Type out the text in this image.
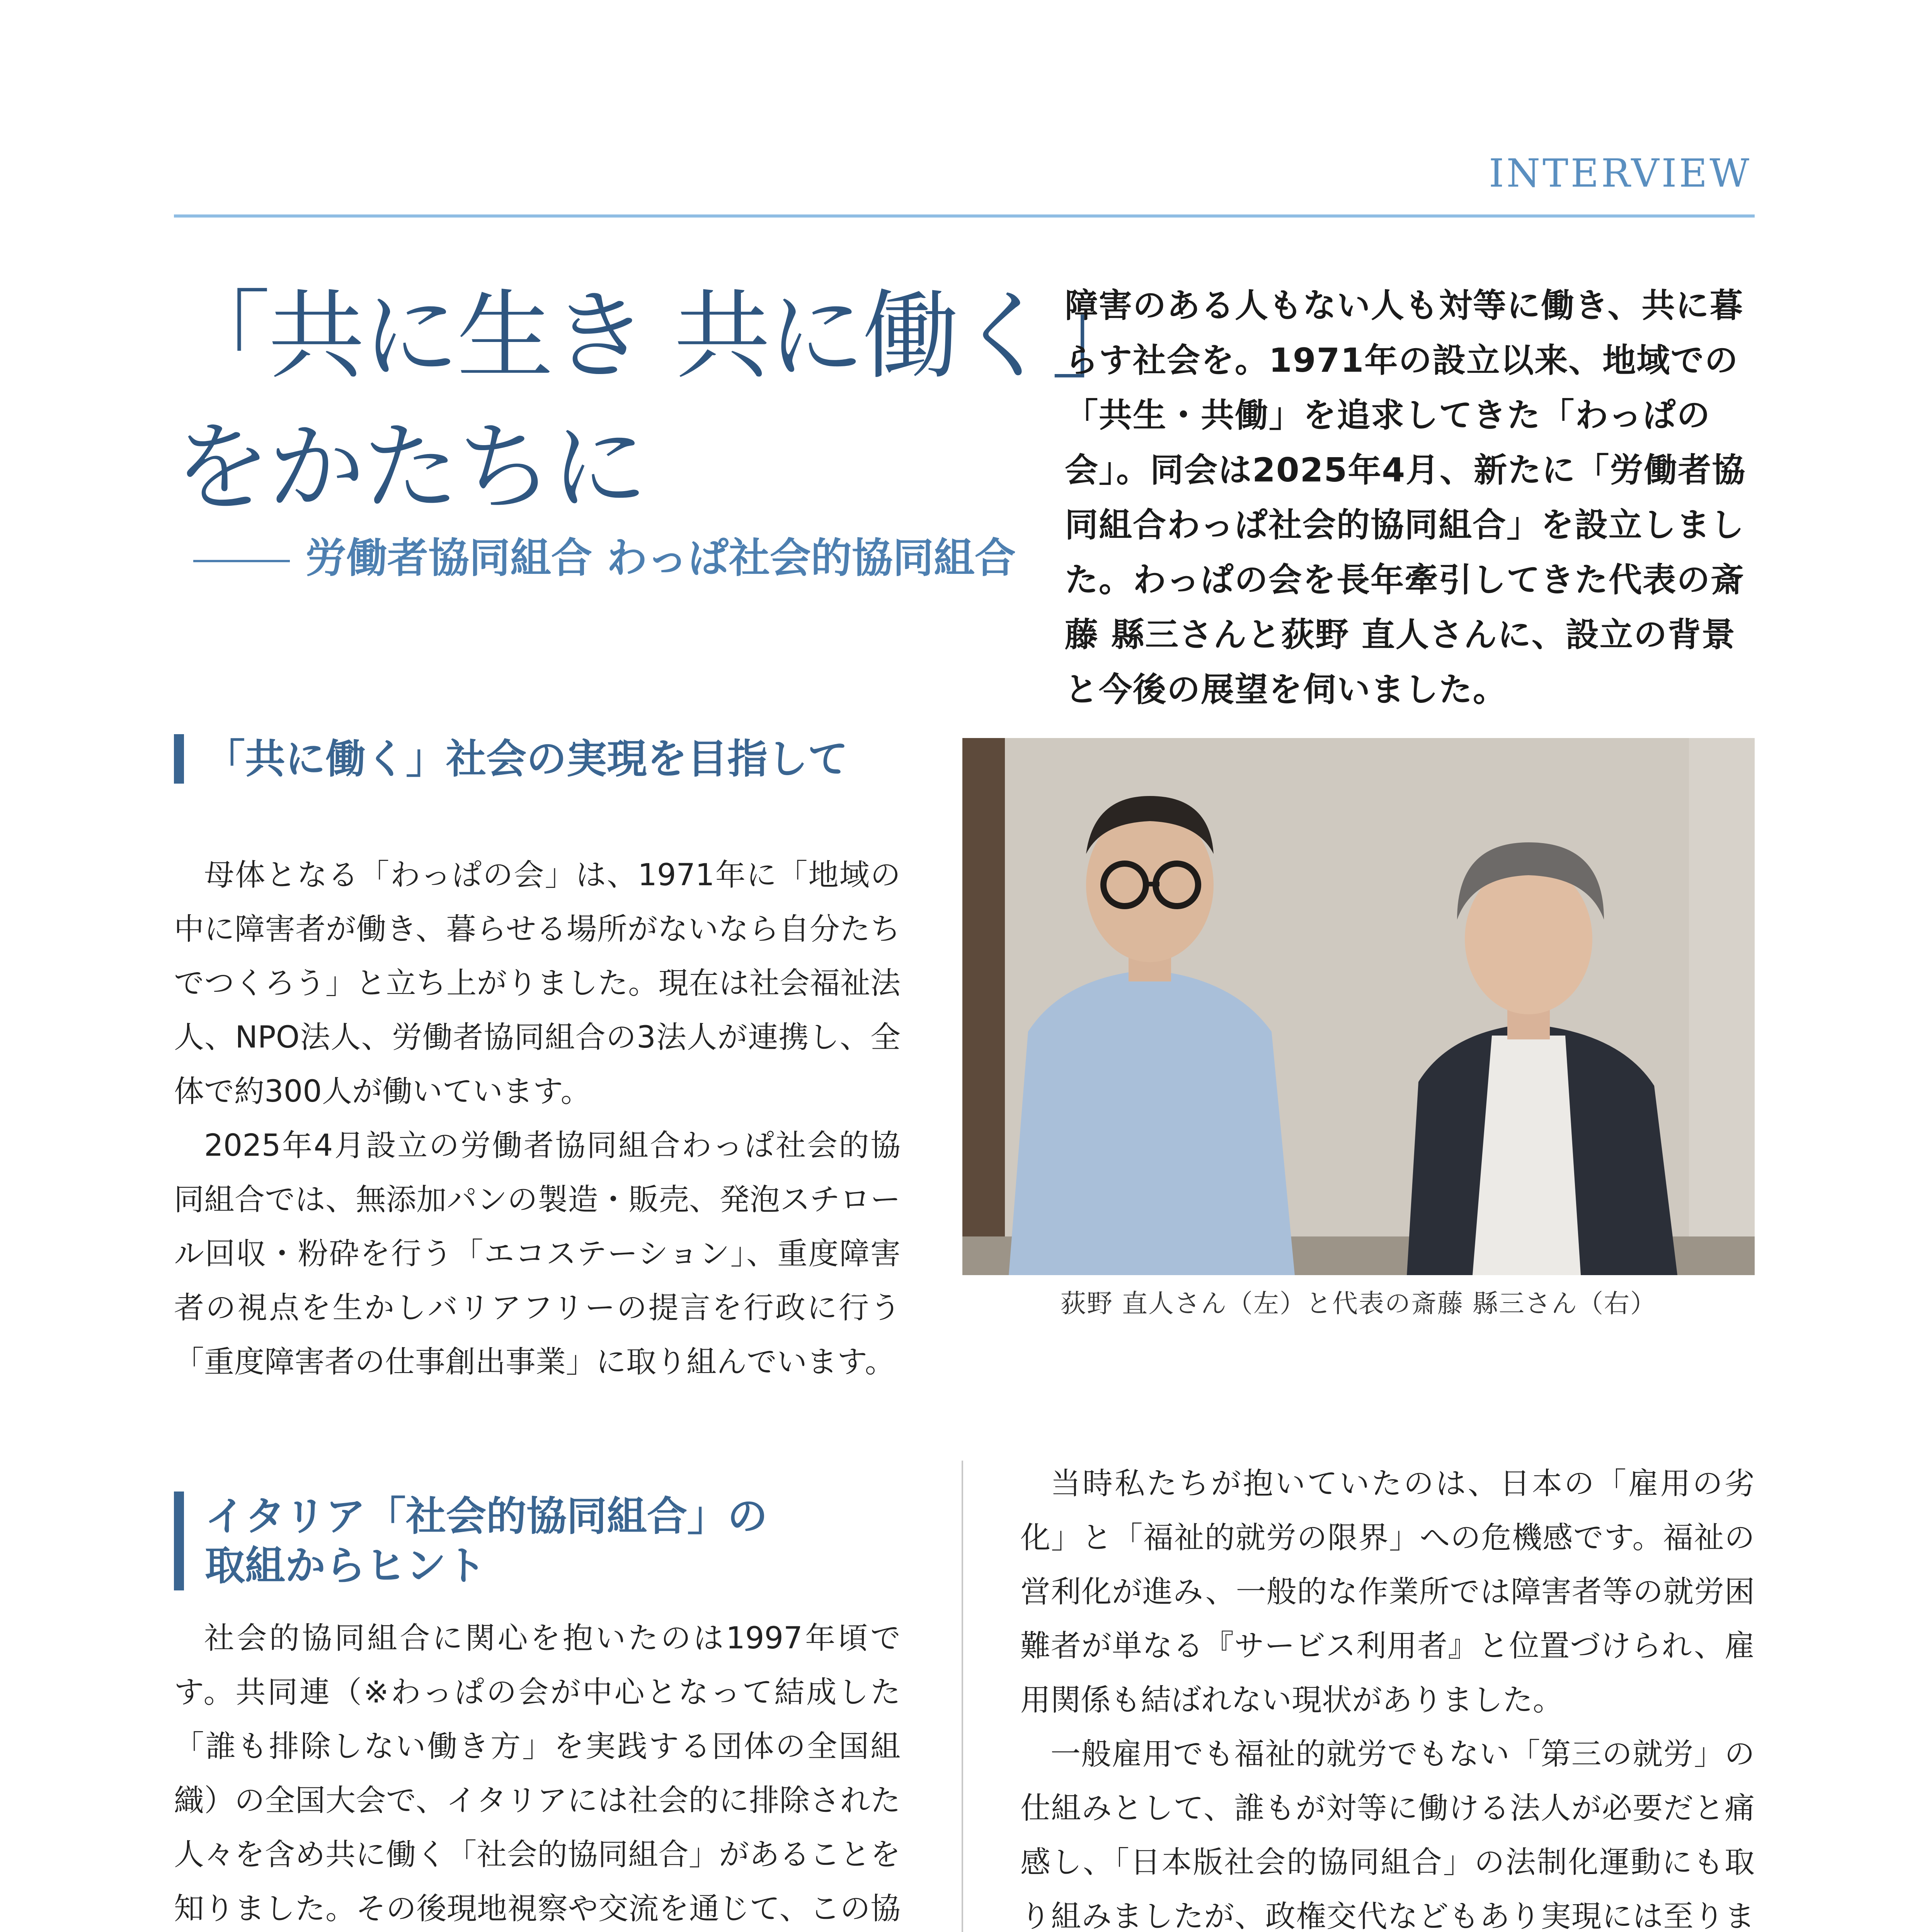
INTERVIEW
「共に生き 共に働く」
をかたちに
労働者協同組合 わっぱ社会的協同組合
障害のある人もない人も対等に働き、共に暮らす社会を。1971年の設立以来、地域での「共生・共働」を追求してきた「わっぱの会」。同会は2025年4月、新たに「労働者協同組合わっぱ社会的協同組合」を設立しました。わっぱの会を長年牽引してきた代表の斎藤 縣三さんと荻野 直人さんに、設立の背景と今後の展望を伺いました。
「共に働く」社会の実現を目指して

母体となる「わっぱの会」は、1971年に「地域の中に障害者が働き、暮らせる場所がないなら自分たちでつくろう」と立ち上がりました。現在は社会福祉法人、NPO法人、労働者協同組合の3法人が連携し、全体で約300人が働いています。

2025年4月設立の労働者協同組合わっぱ社会的協同組合では、無添加パンの製造・販売、発泡スチロール回収・粉砕を行う「エコステーション」、重度障害者の視点を生かしバリアフリーの提言を行政に行う「重度障害者の仕事創出事業」に取り組んでいます。

イタリア「社会的協同組合」の
取組からヒント

社会的協同組合に関心を抱いたのは1997年頃です。共同連（※わっぱの会が中心となって結成した「誰も排除しない働き方」を実践する団体の全国組織）の全国大会で、イタリアには社会的に排除された人々を含め共に働く「社会的協同組合」があることを知りました。その後現地視察や交流を通じて、この協

荻野 直人さん（左）と代表の斎藤 縣三さん（右）

当時私たちが抱いていたのは、日本の「雇用の劣化」と「福祉的就労の限界」への危機感です。福祉の営利化が進み、一般的な作業所では障害者等の就労困難者が単なる『サービス利用者』と位置づけられ、雇用関係も結ばれない現状がありました。

一般雇用でも福祉的就労でもない「第三の就労」の仕組みとして、誰もが対等に働ける法人が必要だと痛感し、「日本版社会的協同組合」の法制化運動にも取り組みましたが、政権交代などもあり実現には至りま
